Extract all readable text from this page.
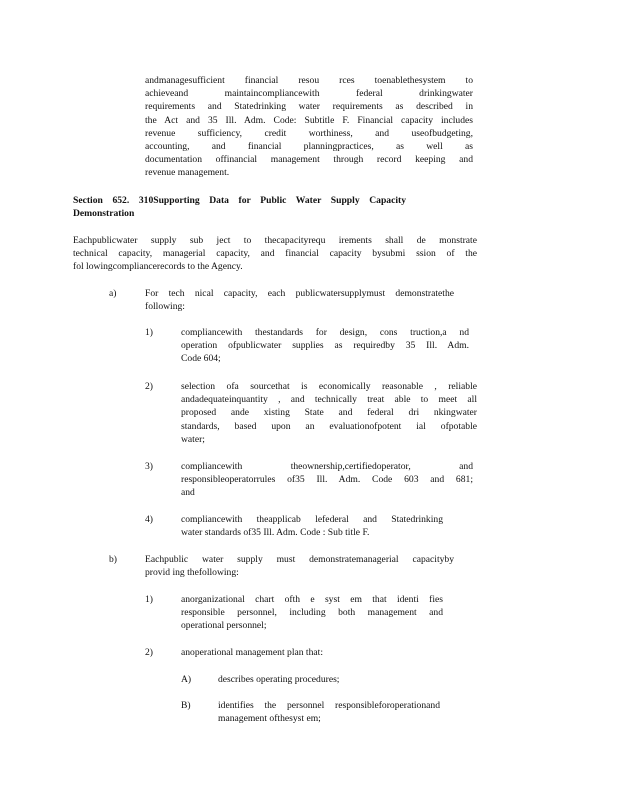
andmanagesufficient financial resou rces toenablethesystem to
achieveand maintaincompliancewith federal drinkingwater
requirements and Statedrinking water requirements as described in
the Act and 35 Ill. Adm. Code: Subtitle F. Financial capacity includes
revenue sufficiency, credit worthiness, and useofbudgeting,
accounting, and financial planningpractices, as well as
documentation offinancial management through record keeping and
revenue management.
Section 652. 310Supporting Data for Public Water Supply Capacity
Demonstration
Eachpublicwater supply sub ject to thecapacityrequ irements shall de monstrate
technical capacity, managerial capacity, and financial capacity bysubmi ssion of the
fol lowingcompliancerecords to the Agency.
a)	For tech nical capacity, each publicwatersupplymust demonstratethe
following:
1)	compliancewith thestandards for design, cons truction,a nd
operation ofpublicwater supplies as requiredby 35 Ill. Adm.
Code 604;
2)	selection ofa sourcethat is economically reasonable , reliable
andadequateinquantity , and technically treat able to meet all
proposed ande xisting State and federal dri nkingwater
standards, based upon an evaluationofpotent ial ofpotable
water;
3)	compliancewith theownership,certifiedoperator, and
responsibleoperatorrules of35 Ill. Adm. Code 603 and 681;
and
4)	compliancewith theapplicab lefederal and Statedrinking
water standards of35 Ill. Adm. Code : Sub title F.
b)	Eachpublic water supply must demonstratemanagerial capacityby
provid ing thefollowing:
1)	anorganizational chart ofth e syst em that identi fies
responsible personnel, including both management and
operational personnel;
2)	anoperational management plan that:
A)	describes operating procedures;
B)	identifies the personnel responsibleforoperationand
management ofthesyst em;
